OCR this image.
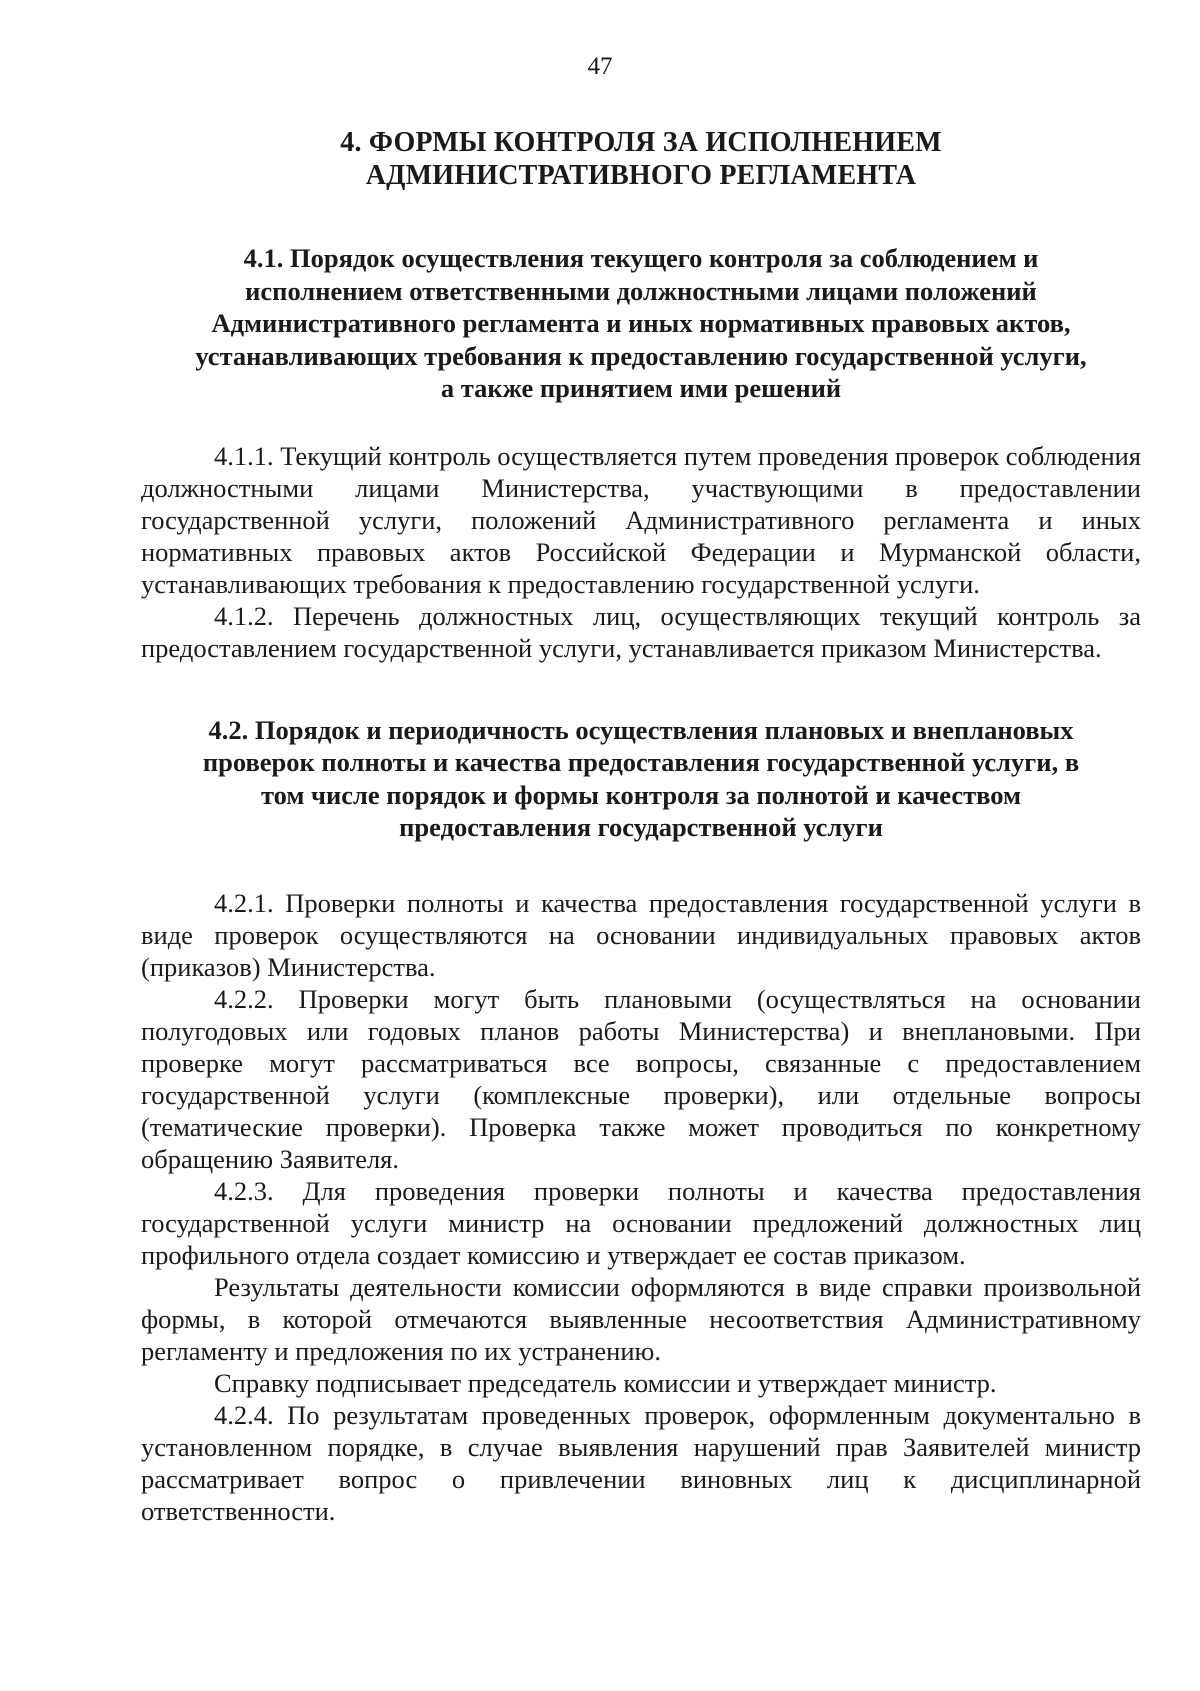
47
4. ФОРМЫ КОНТРОЛЯ ЗА ИСПОЛНЕНИЕМ
АДМИНИСТРАТИВНОГО РЕГЛАМЕНТА
4.1. Порядок осуществления текущего контроля за соблюдением и
исполнением ответственными должностными лицами положений
Административного регламента и иных нормативных правовых актов,
устанавливающих требования к предоставлению государственной услуги,
а также принятием ими решений

4.1.1. Текущий контроль осуществляется путем проведения проверок соблюдения должностными лицами Министерства, участвующими в предоставлении государственной услуги, положений Административного регламента и иных нормативных правовых актов Российской Федерации и Мурманской области, устанавливающих требования к предоставлению государственной услуги.

4.1.2. Перечень должностных лиц, осуществляющих текущий контроль за предоставлением государственной услуги, устанавливается приказом Министерства.

4.2. Порядок и периодичность осуществления плановых и внеплановых
проверок полноты и качества предоставления государственной услуги, в
том числе порядок и формы контроля за полнотой и качеством
предоставления государственной услуги

4.2.1. Проверки полноты и качества предоставления государственной услуги в виде проверок осуществляются на основании индивидуальных правовых актов (приказов) Министерства.

4.2.2. Проверки могут быть плановыми (осуществляться на основании полугодовых или годовых планов работы Министерства) и внеплановыми. При проверке могут рассматриваться все вопросы, связанные с предоставлением государственной услуги (комплексные проверки), или отдельные вопросы (тематические проверки). Проверка также может проводиться по конкретному обращению Заявителя.

4.2.3. Для проведения проверки полноты и качества предоставления государственной услуги министр на основании предложений должностных лиц профильного отдела создает комиссию и утверждает ее состав приказом.

Результаты деятельности комиссии оформляются в виде справки произвольной формы, в которой отмечаются выявленные несоответствия Административному регламенту и предложения по их устранению.

Справку подписывает председатель комиссии и утверждает министр.

4.2.4. По результатам проведенных проверок, оформленным документально в установленном порядке, в случае выявления нарушений прав Заявителей министр рассматривает вопрос о привлечении виновных лиц к дисциплинарной ответственности.
